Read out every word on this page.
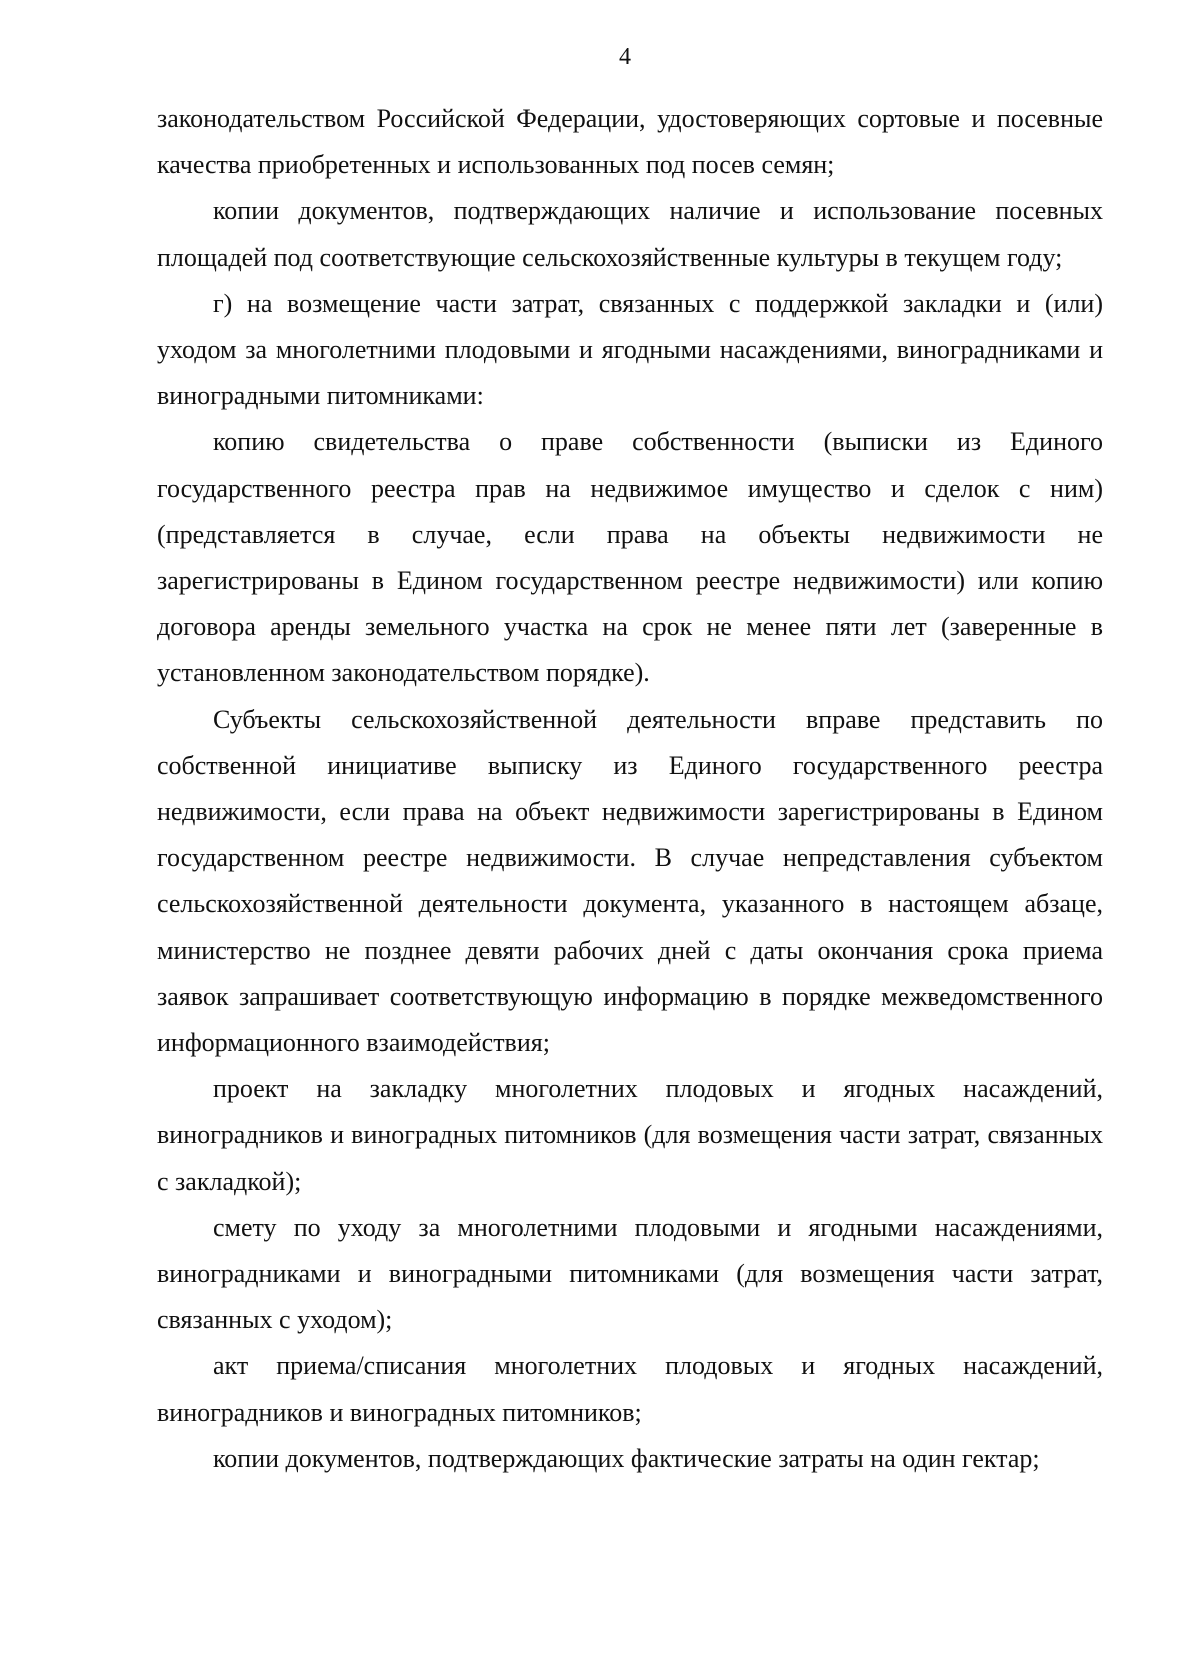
4

законодательством Российской Федерации, удостоверяющих сортовые и посевные качества приобретенных и использованных под посев семян;

копии документов, подтверждающих наличие и использование посевных площадей под соответствующие сельскохозяйственные культуры в текущем году;

г) на возмещение части затрат, связанных с поддержкой закладки и (или) уходом за многолетними плодовыми и ягодными насаждениями, виноградниками и виноградными питомниками:

копию свидетельства о праве собственности (выписки из Единого государственного реестра прав на недвижимое имущество и сделок с ним) (представляется в случае, если права на объекты недвижимости не зарегистрированы в Едином государственном реестре недвижимости) или копию договора аренды земельного участка на срок не менее пяти лет (заверенные в установленном законодательством порядке).

Субъекты сельскохозяйственной деятельности вправе представить по собственной инициативе выписку из Единого государственного реестра недвижимости, если права на объект недвижимости зарегистрированы в Едином государственном реестре недвижимости. В случае непредставления субъектом сельскохозяйственной деятельности документа, указанного в настоящем абзаце, министерство не позднее девяти рабочих дней с даты окончания срока приема заявок запрашивает соответствующую информацию в порядке межведомственного информационного взаимодействия;

проект на закладку многолетних плодовых и ягодных насаждений, виноградников и виноградных питомников (для возмещения части затрат, связанных с закладкой);

смету по уходу за многолетними плодовыми и ягодными насаждениями, виноградниками и виноградными питомниками (для возмещения части затрат, связанных с уходом);

акт приема/списания многолетних плодовых и ягодных насаждений, виноградников и виноградных питомников;

копии документов, подтверждающих фактические затраты на один гектар;
